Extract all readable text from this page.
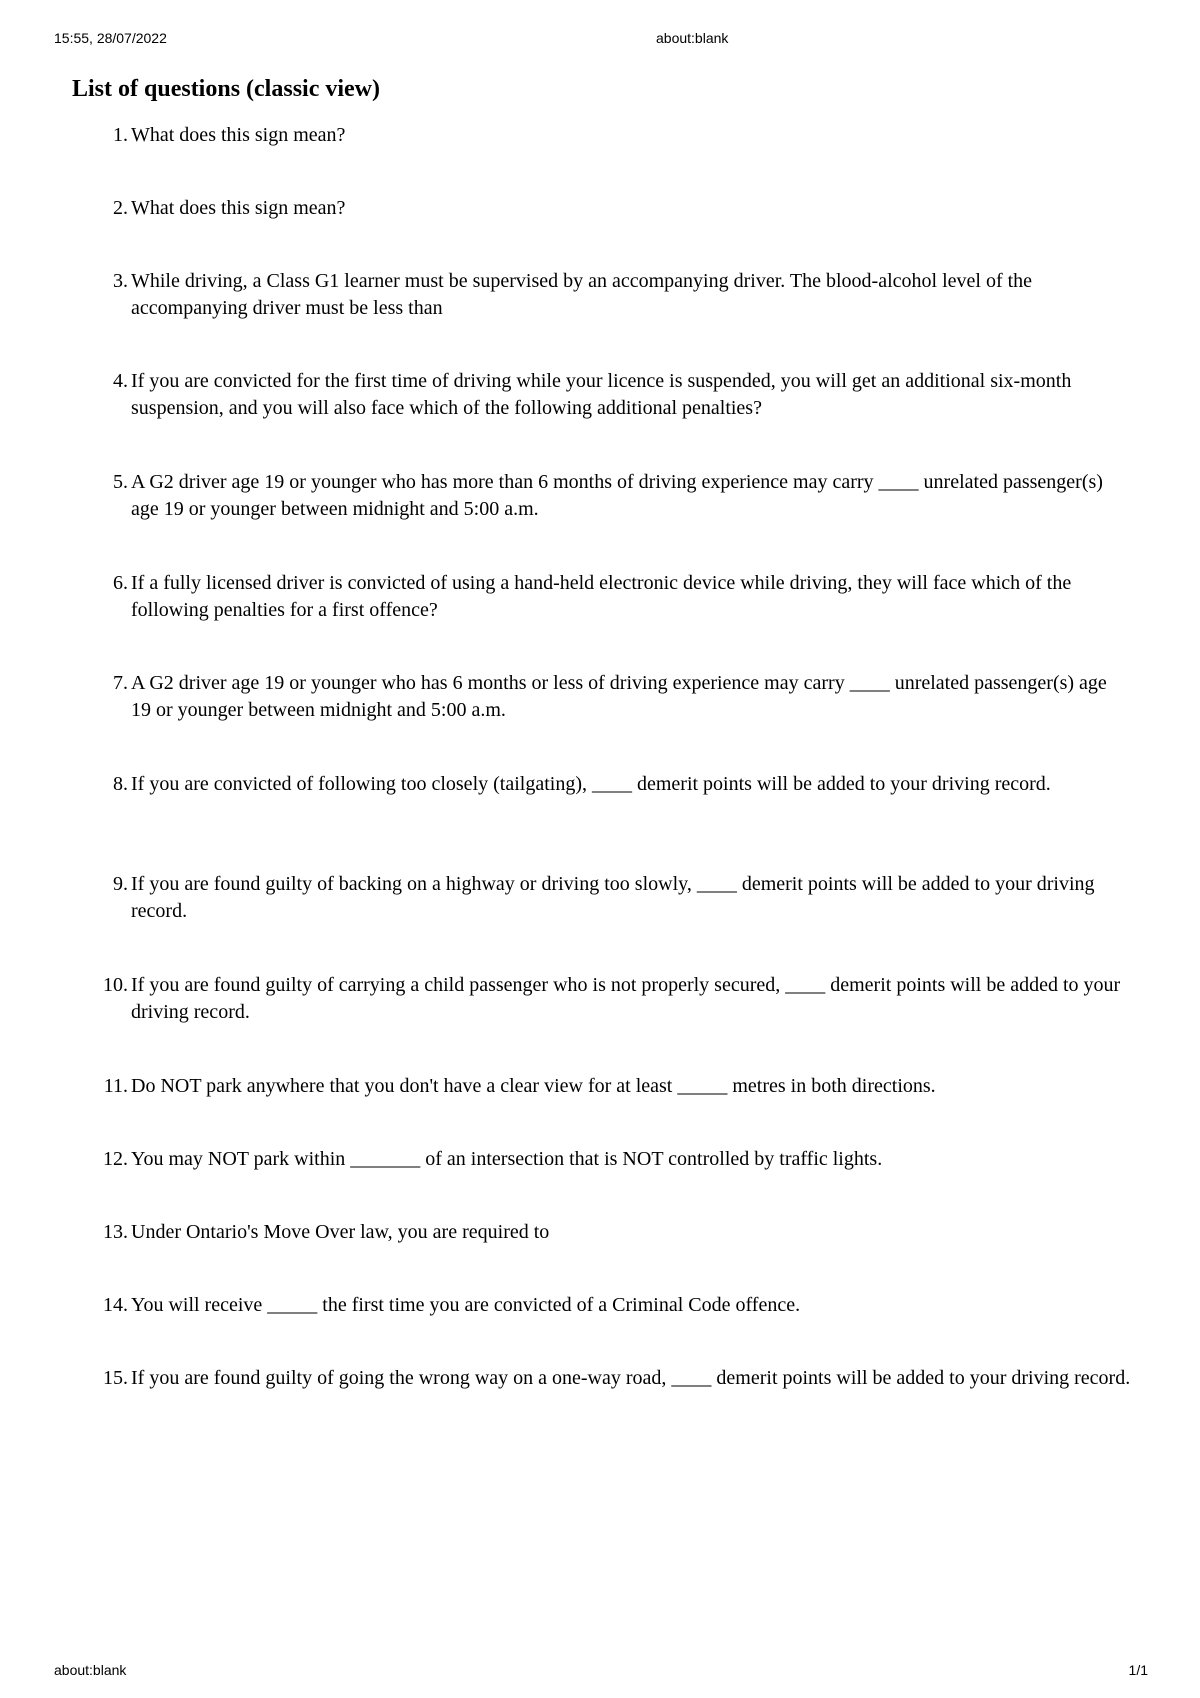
15:55, 28/07/2022	about:blank
List of questions (classic view)
1. What does this sign mean?
2. What does this sign mean?
3. While driving, a Class G1 learner must be supervised by an accompanying driver. The blood-alcohol level of the accompanying driver must be less than
4. If you are convicted for the first time of driving while your licence is suspended, you will get an additional six-month suspension, and you will also face which of the following additional penalties?
5. A G2 driver age 19 or younger who has more than 6 months of driving experience may carry ____ unrelated passenger(s) age 19 or younger between midnight and 5:00 a.m.
6. If a fully licensed driver is convicted of using a hand-held electronic device while driving, they will face which of the following penalties for a first offence?
7. A G2 driver age 19 or younger who has 6 months or less of driving experience may carry ____ unrelated passenger(s) age 19 or younger between midnight and 5:00 a.m.
8. If you are convicted of following too closely (tailgating), ____ demerit points will be added to your driving record.
9. If you are found guilty of backing on a highway or driving too slowly, ____ demerit points will be added to your driving record.
10. If you are found guilty of carrying a child passenger who is not properly secured, ____ demerit points will be added to your driving record.
11. Do NOT park anywhere that you don't have a clear view for at least _____ metres in both directions.
12. You may NOT park within _______ of an intersection that is NOT controlled by traffic lights.
13. Under Ontario's Move Over law, you are required to
14. You will receive _____ the first time you are convicted of a Criminal Code offence.
15. If you are found guilty of going the wrong way on a one-way road, ____ demerit points will be added to your driving record.
about:blank	1/1
